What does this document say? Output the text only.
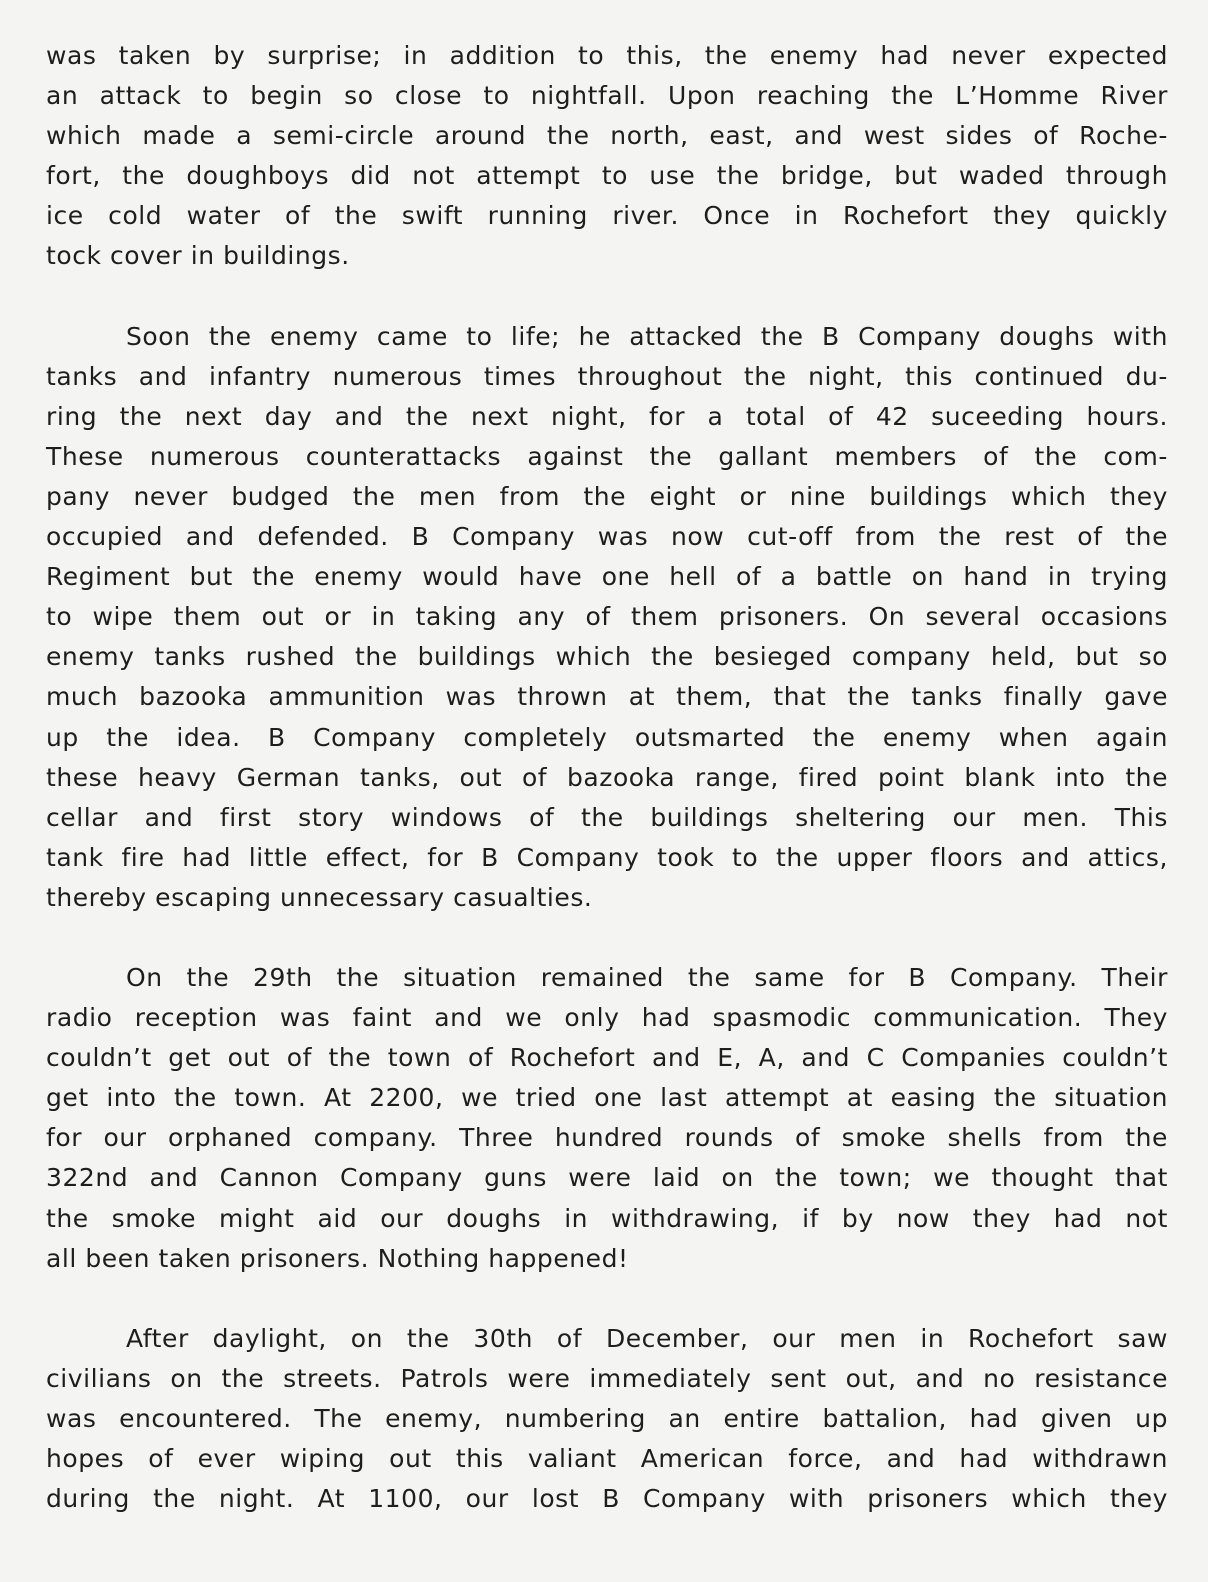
was taken by surprise; in addition to this, the enemy had never expected
an attack to begin so close to nightfall. Upon reaching the L’Homme River
which made a semi-circle around the north, east, and west sides of Roche-
fort, the doughboys did not attempt to use the bridge, but waded through
ice cold water of the swift running river. Once in Rochefort they quickly
tock cover in buildings.
Soon the enemy came to life; he attacked the B Company doughs with
tanks and infantry numerous times throughout the night, this continued du-
ring the next day and the next night, for a total of 42 suceeding hours.
These numerous counterattacks against the gallant members of the com-
pany never budged the men from the eight or nine buildings which they
occupied and defended. B Company was now cut-off from the rest of the
Regiment but the enemy would have one hell of a battle on hand in trying
to wipe them out or in taking any of them prisoners. On several occasions
enemy tanks rushed the buildings which the besieged company held, but so
much bazooka ammunition was thrown at them, that the tanks finally gave
up the idea. B Company completely outsmarted the enemy when again
these heavy German tanks, out of bazooka range, fired point blank into the
cellar and first story windows of the buildings sheltering our men. This
tank fire had little effect, for B Company took to the upper floors and attics,
thereby escaping unnecessary casualties.
On the 29th the situation remained the same for B Company. Their
radio reception was faint and we only had spasmodic communication. They
couldn’t get out of the town of Rochefort and E, A, and C Companies couldn’t
get into the town. At 2200, we tried one last attempt at easing the situation
for our orphaned company. Three hundred rounds of smoke shells from the
322nd and Cannon Company guns were laid on the town; we thought that
the smoke might aid our doughs in withdrawing, if by now they had not
all been taken prisoners. Nothing happened!
After daylight, on the 30th of December, our men in Rochefort saw
civilians on the streets. Patrols were immediately sent out, and no resistance
was encountered. The enemy, numbering an entire battalion, had given up
hopes of ever wiping out this valiant American force, and had withdrawn
during the night. At 1100, our lost B Company with prisoners which they
